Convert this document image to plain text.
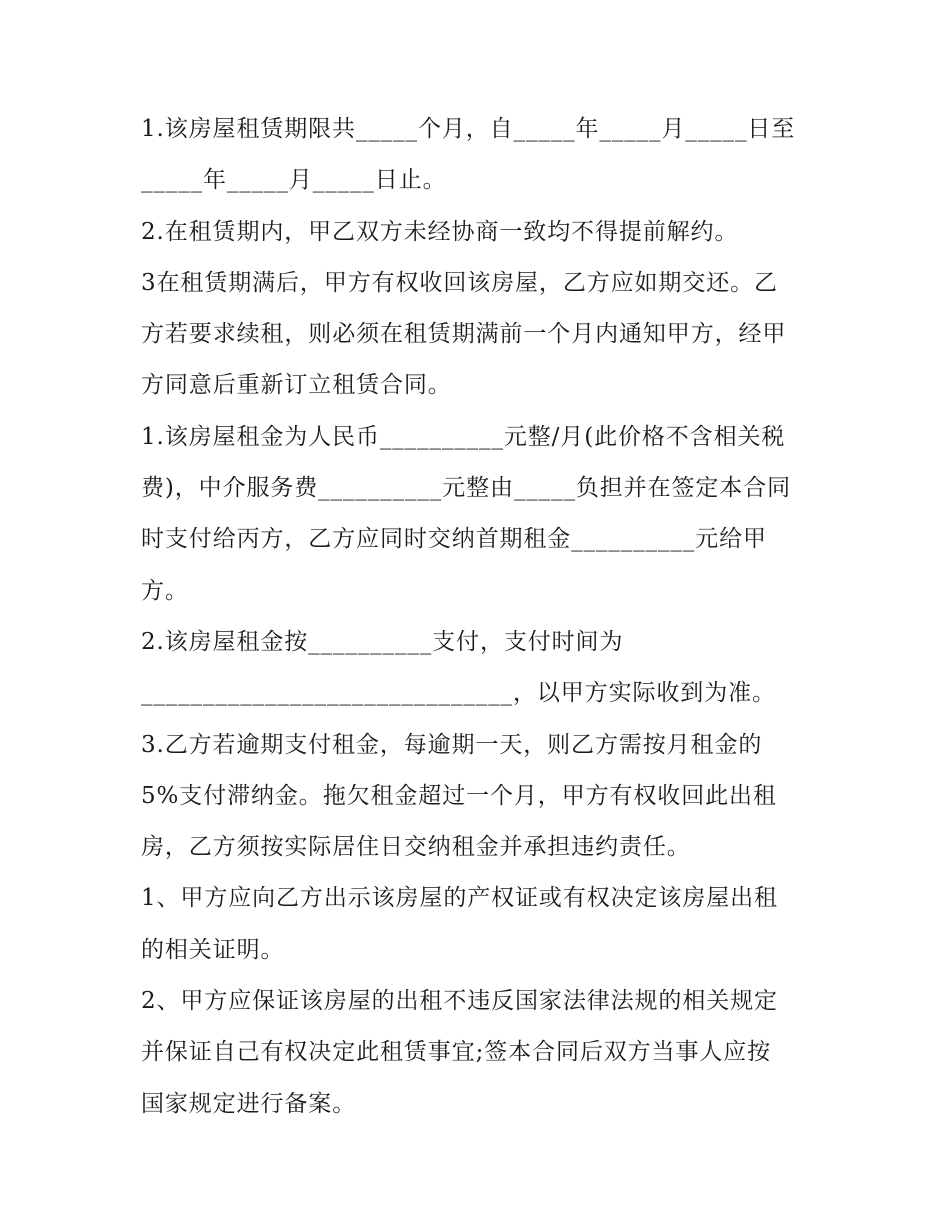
1.该房屋租赁期限共_____个月，自_____年_____月_____日至
_____年_____月_____日止。
2.在租赁期内，甲乙双方未经协商一致均不得提前解约。
3在租赁期满后，甲方有权收回该房屋，乙方应如期交还。乙
方若要求续租，则必须在租赁期满前一个月内通知甲方，经甲
方同意后重新订立租赁合同。
1.该房屋租金为人民币__________元整/月(此价格不含相关税
费)，中介服务费__________元整由_____负担并在签定本合同
时支付给丙方，乙方应同时交纳首期租金__________元给甲
方。
2.该房屋租金按__________支付，支付时间为
______________________________，以甲方实际收到为准。
3.乙方若逾期支付租金，每逾期一天，则乙方需按月租金的
5%支付滞纳金。拖欠租金超过一个月，甲方有权收回此出租
房，乙方须按实际居住日交纳租金并承担违约责任。
1、甲方应向乙方出示该房屋的产权证或有权决定该房屋出租
的相关证明。
2、甲方应保证该房屋的出租不违反国家法律法规的相关规定
并保证自己有权决定此租赁事宜;签本合同后双方当事人应按
国家规定进行备案。
